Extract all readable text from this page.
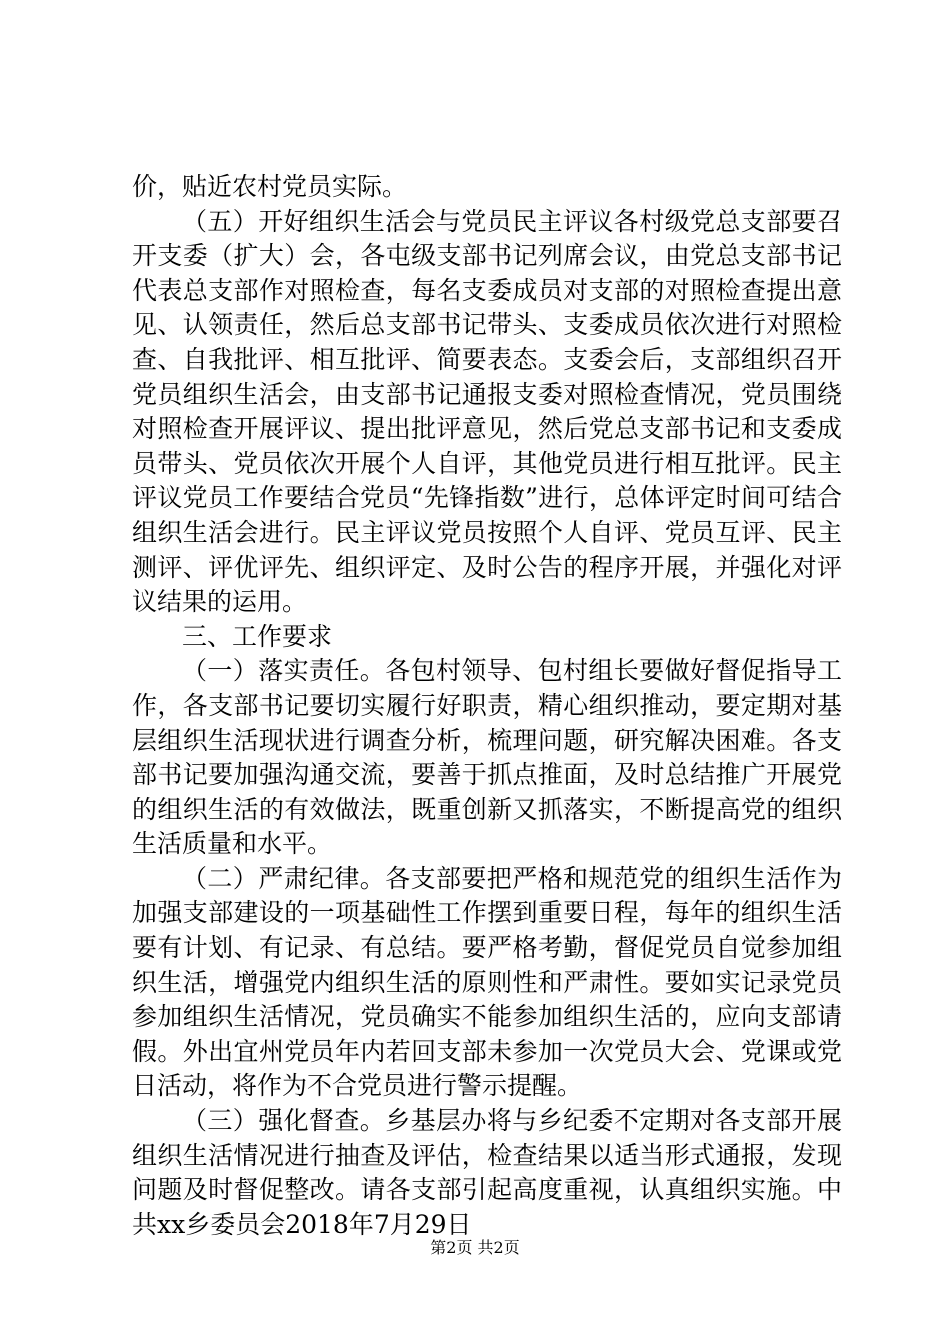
价，贴近农村党员实际。

（五）开好组织生活会与党员民主评议各村级党总支部要召开支委（扩大）会，各屯级支部书记列席会议，由党总支部书记代表总支部作对照检查，每名支委成员对支部的对照检查提出意见、认领责任，然后总支部书记带头、支委成员依次进行对照检查、自我批评、相互批评、简要表态。支委会后，支部组织召开党员组织生活会，由支部书记通报支委对照检查情况，党员围绕对照检查开展评议、提出批评意见，然后党总支部书记和支委成员带头、党员依次开展个人自评，其他党员进行相互批评。民主评议党员工作要结合党员“先锋指数”进行，总体评定时间可结合组织生活会进行。民主评议党员按照个人自评、党员互评、民主测评、评优评先、组织评定、及时公告的程序开展，并强化对评议结果的运用。

三、工作要求

（一）落实责任。各包村领导、包村组长要做好督促指导工作，各支部书记要切实履行好职责，精心组织推动，要定期对基层组织生活现状进行调查分析，梳理问题，研究解决困难。各支部书记要加强沟通交流，要善于抓点推面，及时总结推广开展党的组织生活的有效做法，既重创新又抓落实，不断提高党的组织生活质量和水平。

（二）严肃纪律。各支部要把严格和规范党的组织生活作为加强支部建设的一项基础性工作摆到重要日程，每年的组织生活要有计划、有记录、有总结。要严格考勤，督促党员自觉参加组织生活，增强党内组织生活的原则性和严肃性。要如实记录党员参加组织生活情况，党员确实不能参加组织生活的，应向支部请假。外出宜州党员年内若回支部未参加一次党员大会、党课或党日活动，将作为不合党员进行警示提醒。

（三）强化督查。乡基层办将与乡纪委不定期对各支部开展组织生活情况进行抽查及评估，检查结果以适当形式通报，发现问题及时督促整改。请各支部引起高度重视，认真组织实施。中共xx乡委员会2018年7月29日

第2页 共2页
